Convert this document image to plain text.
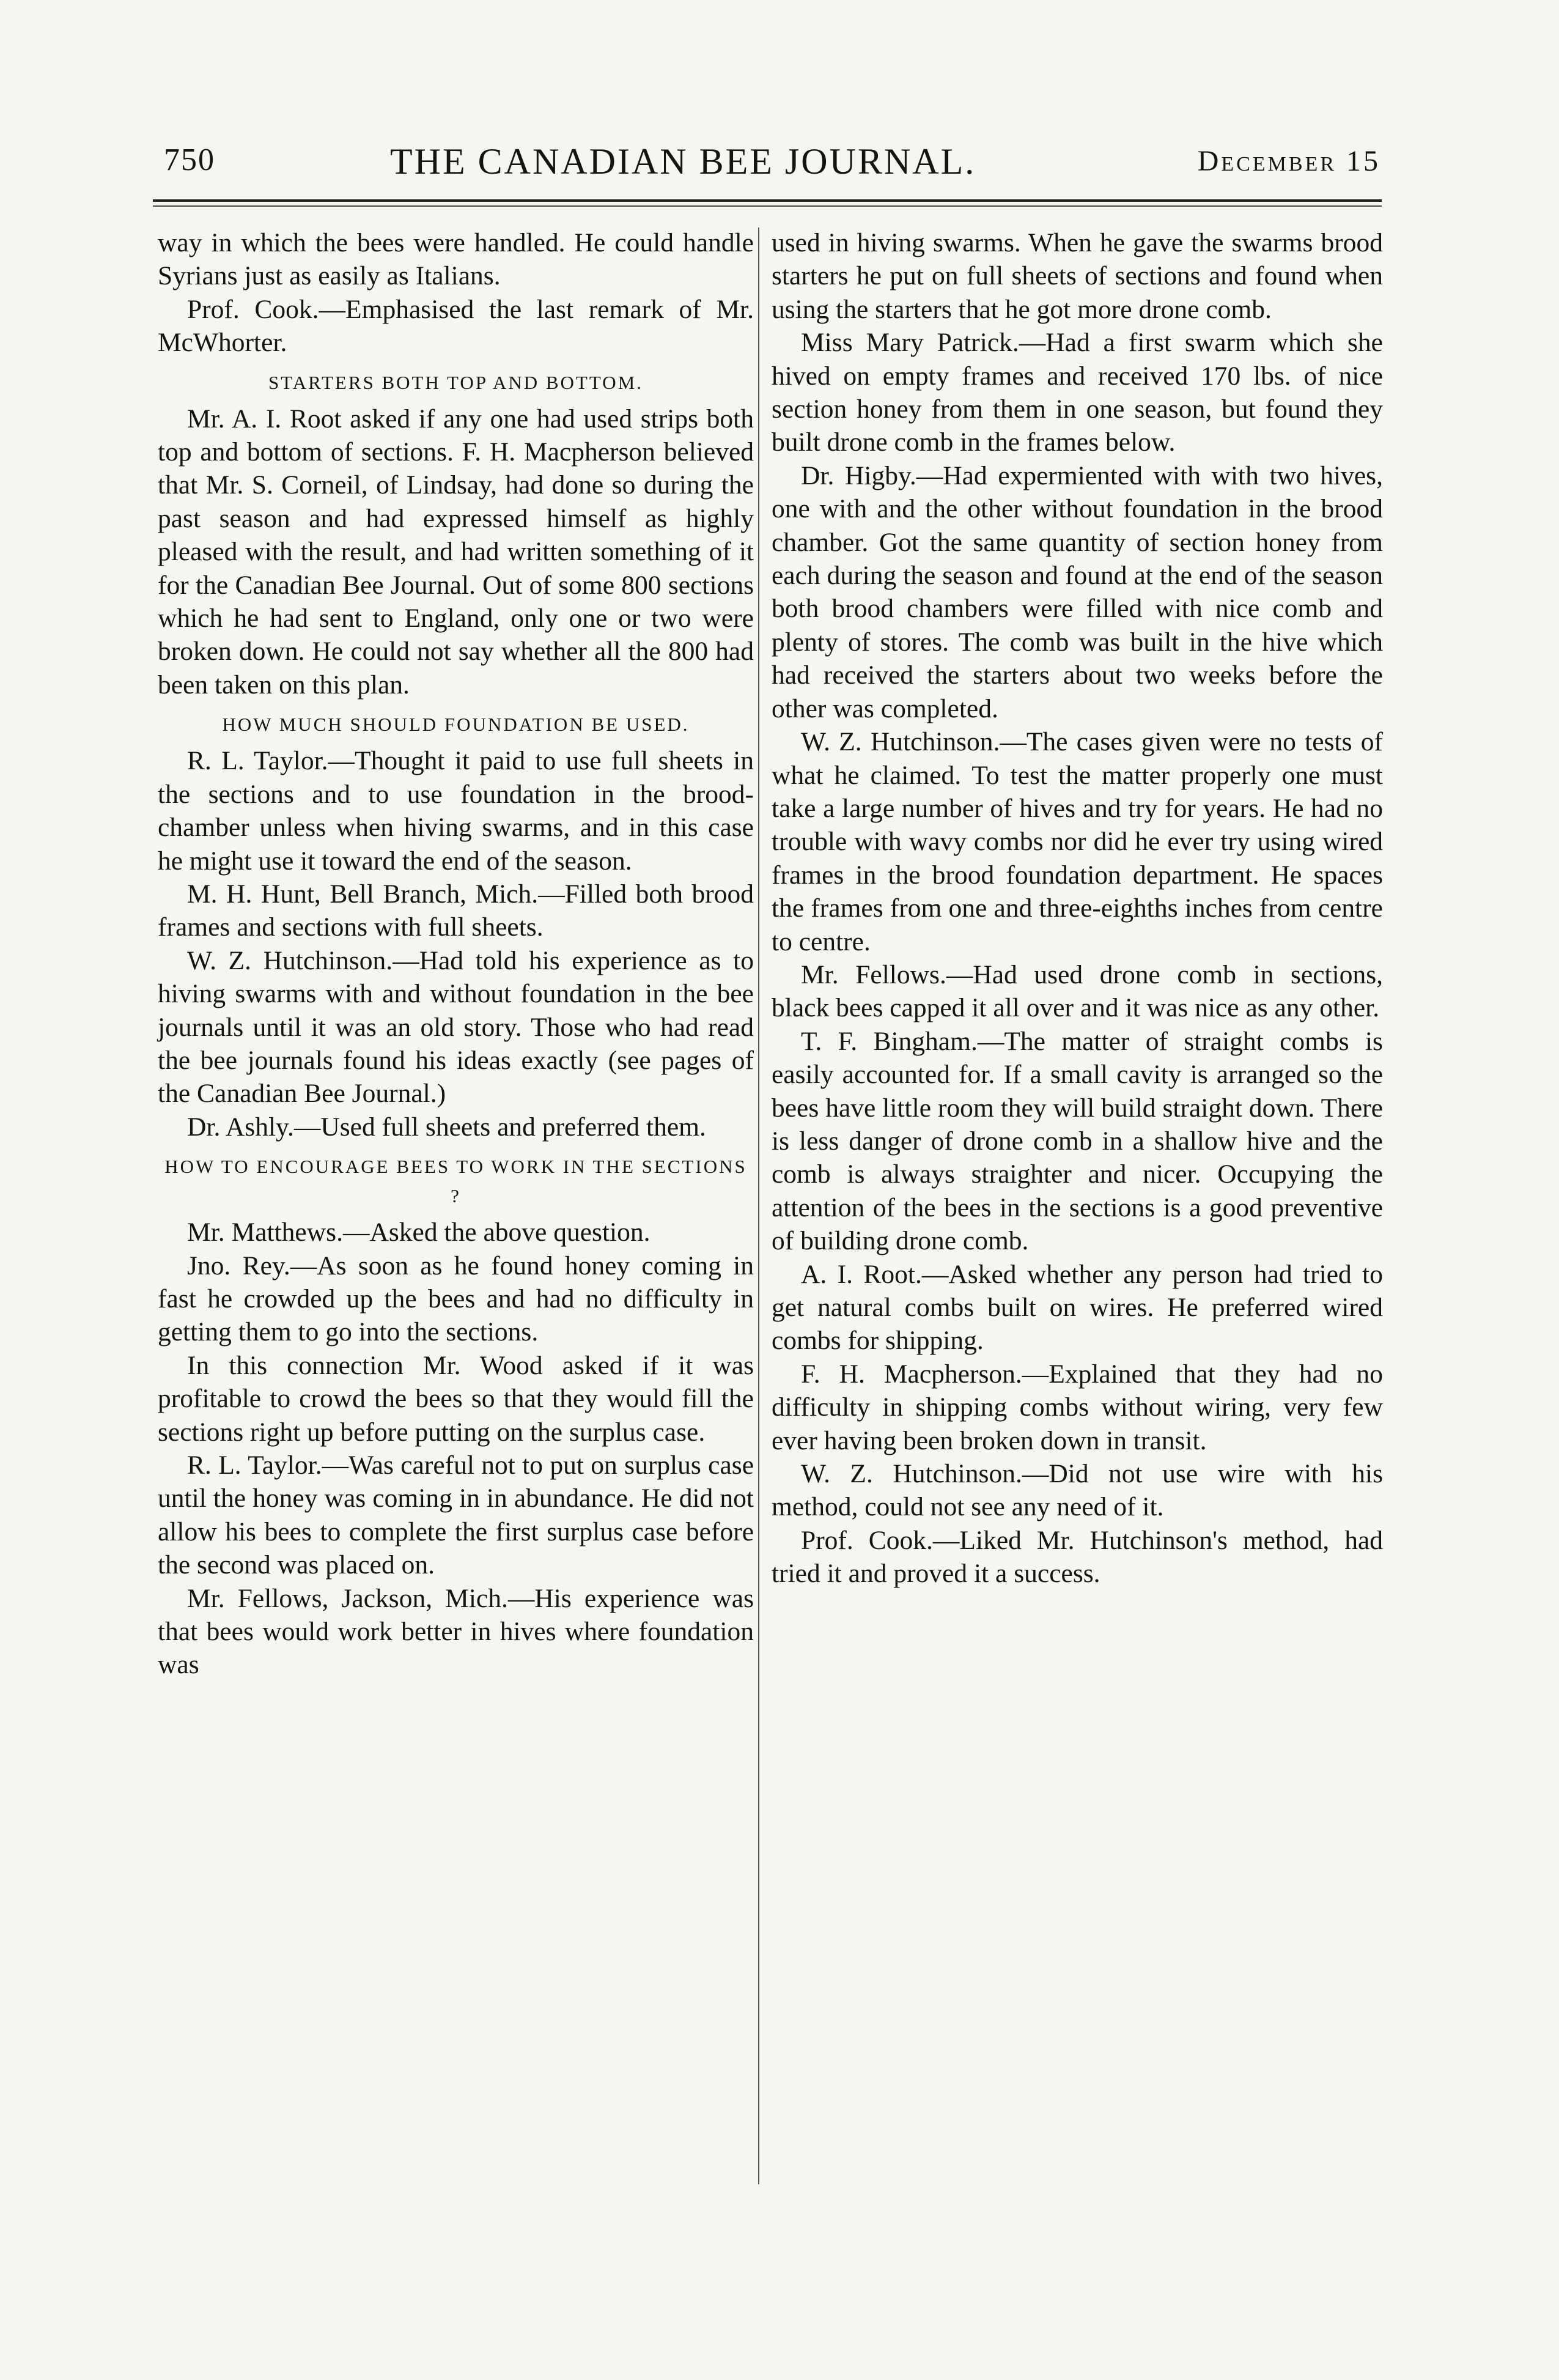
750	THE CANADIAN BEE JOURNAL.	December 15

way in which the bees were handled. He could handle Syrians just as easily as Italians.

Prof. Cook.—Emphasised the last remark of Mr. McWhorter.

STARTERS BOTH TOP AND BOTTOM.

Mr. A. I. Root asked if any one had used strips both top and bottom of sections. F. H. Macpherson believed that Mr. S. Corneil, of Lindsay, had done so during the past season and had expressed himself as highly pleased with the result, and had written something of it for the Canadian Bee Journal. Out of some 800 sections which he had sent to England, only one or two were broken down. He could not say whether all the 800 had been taken on this plan.

HOW MUCH SHOULD FOUNDATION BE USED.

R. L. Taylor.—Thought it paid to use full sheets in the sections and to use foundation in the brood-chamber unless when hiving swarms, and in this case he might use it toward the end of the season.

M. H. Hunt, Bell Branch, Mich.—Filled both brood frames and sections with full sheets.

W. Z. Hutchinson.—Had told his experience as to hiving swarms with and without foundation in the bee journals until it was an old story. Those who had read the bee journals found his ideas exactly (see pages of the Canadian Bee Journal.)

Dr. Ashly.—Used full sheets and preferred them.

HOW TO ENCOURAGE BEES TO WORK IN THE SECTIONS ?

Mr. Matthews.—Asked the above question.

Jno. Rey.—As soon as he found honey coming in fast he crowded up the bees and had no difficulty in getting them to go into the sections.

In this connection Mr. Wood asked if it was profitable to crowd the bees so that they would fill the sections right up before putting on the surplus case.

R. L. Taylor.—Was careful not to put on surplus case until the honey was coming in in abundance. He did not allow his bees to complete the first surplus case before the second was placed on.

Mr. Fellows, Jackson, Mich.—His experience was that bees would work better in hives where foundation was

used in hiving swarms. When he gave the swarms brood starters he put on full sheets of sections and found when using the starters that he got more drone comb.

Miss Mary Patrick.—Had a first swarm which she hived on empty frames and received 170 lbs. of nice section honey from them in one season, but found they built drone comb in the frames below.

Dr. Higby.—Had expermiented with with two hives, one with and the other without foundation in the brood chamber. Got the same quantity of section honey from each during the season and found at the end of the season both brood chambers were filled with nice comb and plenty of stores. The comb was built in the hive which had received the starters about two weeks before the other was completed.

W. Z. Hutchinson.—The cases given were no tests of what he claimed. To test the matter properly one must take a large number of hives and try for years. He had no trouble with wavy combs nor did he ever try using wired frames in the brood foundation department. He spaces the frames from one and three-eighths inches from centre to centre.

Mr. Fellows.—Had used drone comb in sections, black bees capped it all over and it was nice as any other.

T. F. Bingham.—The matter of straight combs is easily accounted for. If a small cavity is arranged so the bees have little room they will build straight down. There is less danger of drone comb in a shallow hive and the comb is always straighter and nicer. Occupying the attention of the bees in the sections is a good preventive of building drone comb.

A. I. Root.—Asked whether any person had tried to get natural combs built on wires. He preferred wired combs for shipping.

F. H. Macpherson.—Explained that they had no difficulty in shipping combs without wiring, very few ever having been broken down in transit.

W. Z. Hutchinson.—Did not use wire with his method, could not see any need of it.

Prof. Cook.—Liked Mr. Hutchinson's method, had tried it and proved it a success.
